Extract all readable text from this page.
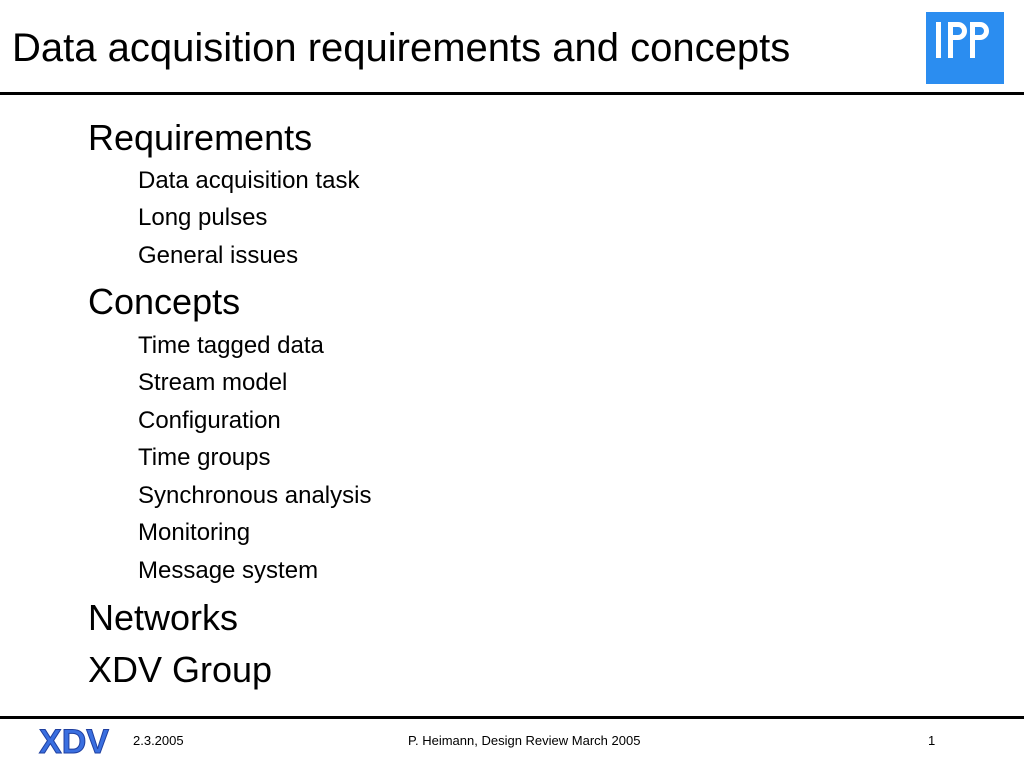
Data acquisition requirements and concepts
Requirements
Data acquisition task
Long pulses
General issues
Concepts
Time tagged data
Stream model
Configuration
Time groups
Synchronous analysis
Monitoring
Message system
Networks
XDV Group
XDV 2.3.2005	P. Heimann, Design Review March 2005	1
